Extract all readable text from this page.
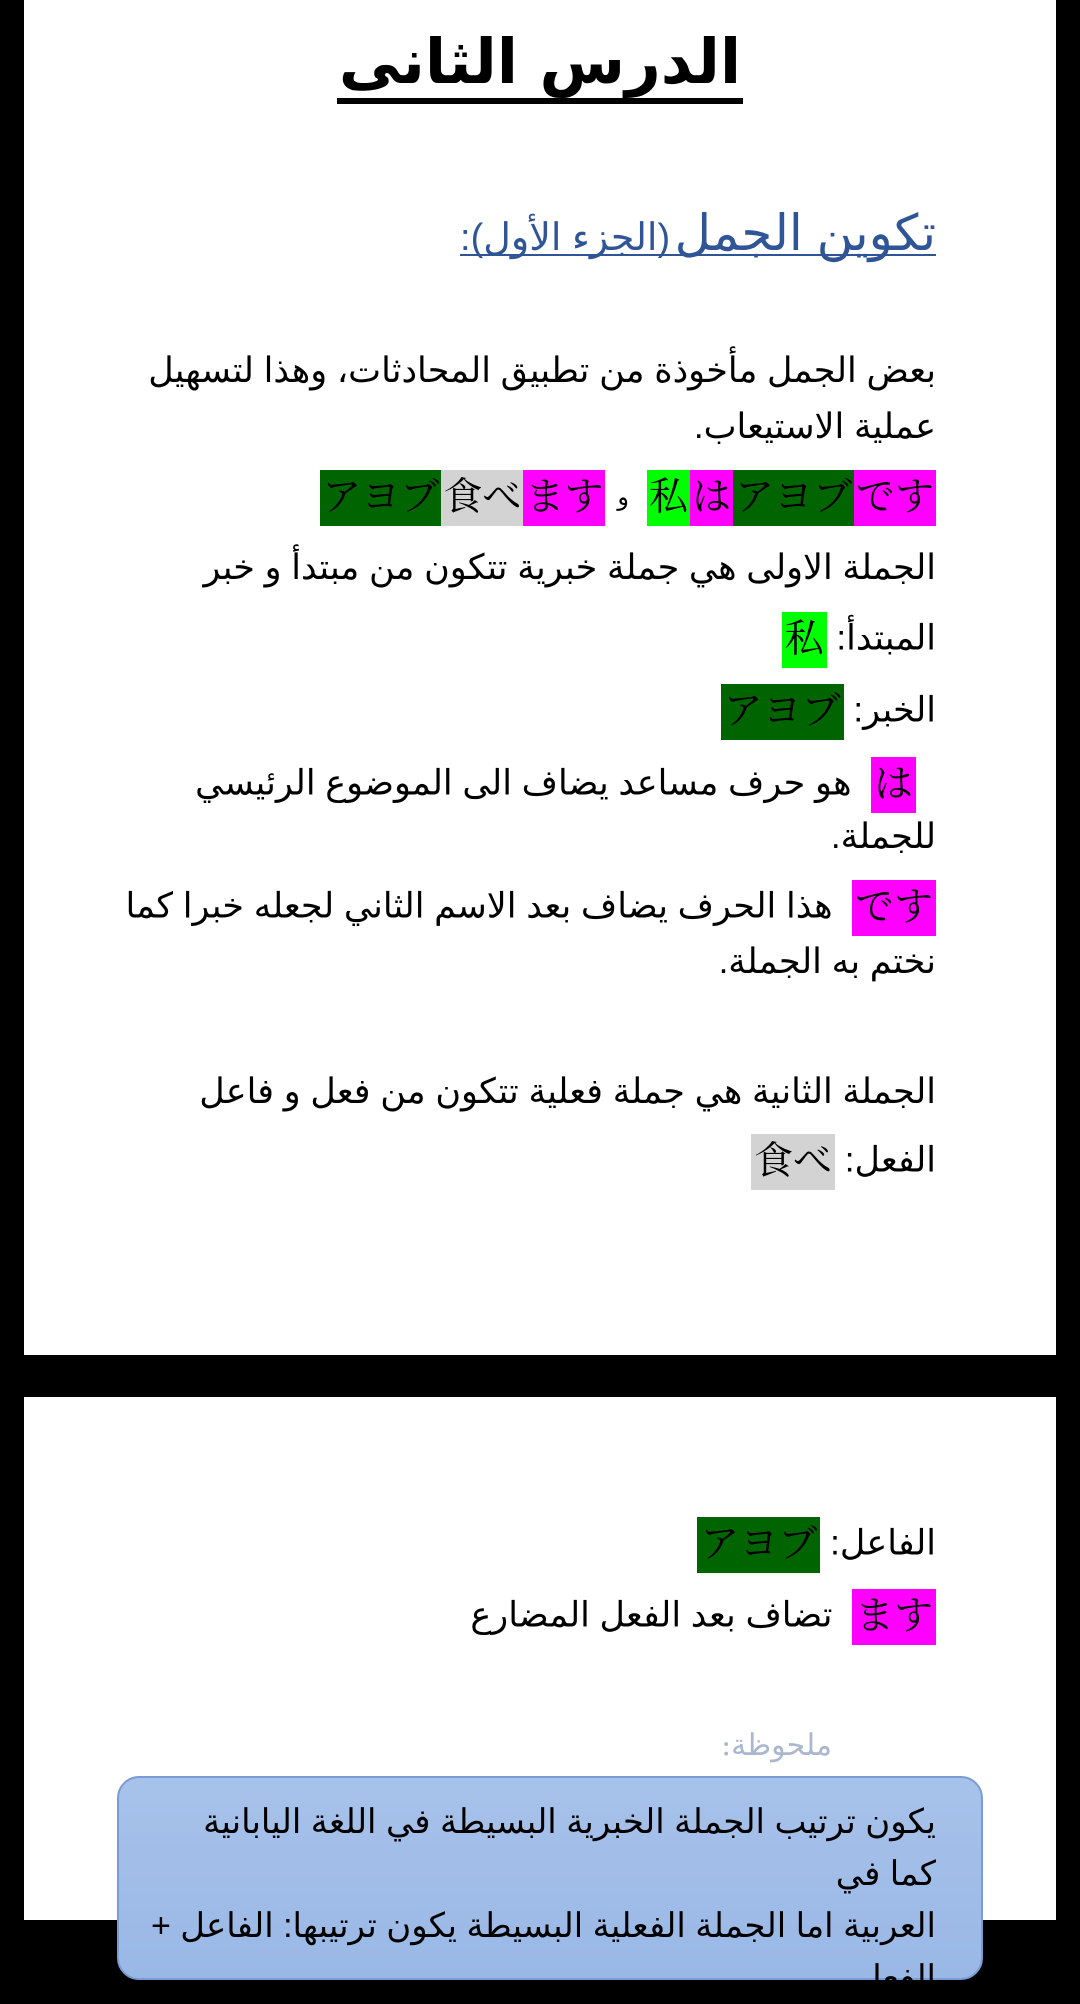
الدرس الثانى
تكوين الجمل (الجزء الأول):
بعض الجمل مأخوذة من تطبيق المحادثات، وهذا لتسهيل
عملية الاستيعاب.
アヨブ 食べ ます و 私 は アヨブ です
الجملة الاولى هي جملة خبرية تتكون من مبتدأ و خبر
المبتدأ: 私
الخبر: アヨブ
は  هو حرف مساعد يضاف الى الموضوع الرئيسي
للجملة.
です  هذا الحرف يضاف بعد الاسم الثاني لجعله خبرا كما
نختم به الجملة.
الجملة الثانية هي جملة فعلية تتكون من فعل و فاعل
الفعل: 食べ
الفاعل: アヨブ
ます  تضاف بعد الفعل المضارع
ملحوظة:
يكون ترتيب الجملة الخبرية البسيطة في اللغة اليابانية كما في
العربية اما الجملة الفعلية البسيطة يكون ترتيبها: الفاعل +
الفعل.
